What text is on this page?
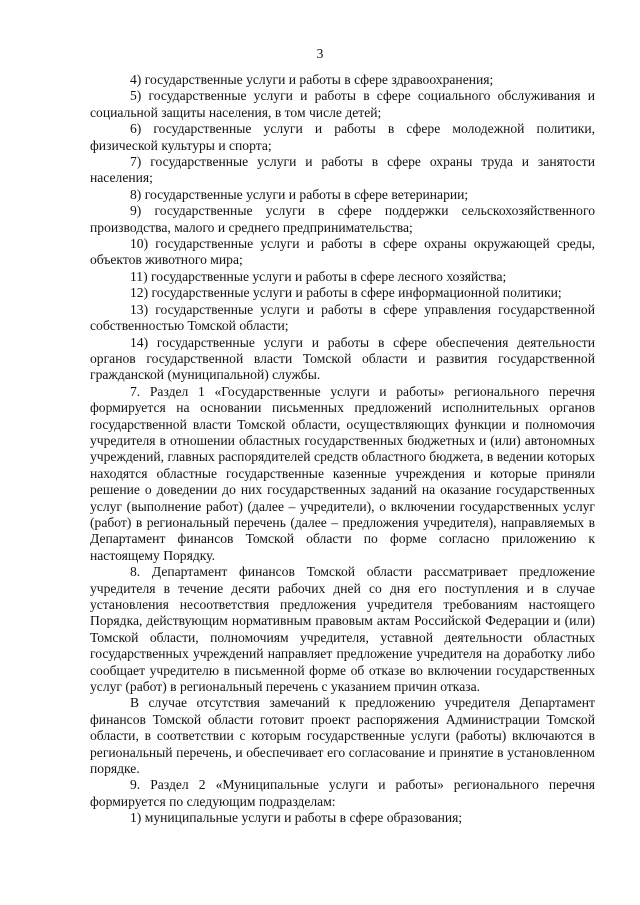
3

4) государственные услуги и работы в сфере здравоохранения;

5) государственные услуги и работы в сфере социального обслуживания и социальной защиты населения, в том числе детей;

6) государственные услуги и работы в сфере молодежной политики, физической культуры и спорта;

7) государственные услуги и работы в сфере охраны труда и занятости населения;

8) государственные услуги и работы в сфере ветеринарии;

9) государственные услуги в сфере поддержки сельскохозяйственного производства, малого и среднего предпринимательства;

10) государственные услуги и работы в сфере охраны окружающей среды, объектов животного мира;

11) государственные услуги и работы в сфере лесного хозяйства;

12) государственные услуги и работы в сфере информационной политики;

13) государственные услуги и работы в сфере управления государственной собственностью Томской области;

14) государственные услуги и работы в сфере обеспечения деятельности органов государственной власти Томской области и развития государственной гражданской (муниципальной) службы.

7. Раздел 1 «Государственные услуги и работы» регионального перечня формируется на основании письменных предложений исполнительных органов государственной власти Томской области, осуществляющих функции и полномочия учредителя в отношении областных государственных бюджетных и (или) автономных учреждений, главных распорядителей средств областного бюджета, в ведении которых находятся областные государственные казенные учреждения и которые приняли решение о доведении до них государственных заданий на оказание государственных услуг (выполнение работ) (далее – учредители), о включении государственных услуг (работ) в региональный перечень (далее – предложения учредителя), направляемых в Департамент финансов Томской области по форме согласно приложению к настоящему Порядку.

8. Департамент финансов Томской области рассматривает предложение учредителя в течение десяти рабочих дней со дня его поступления и в случае установления несоответствия предложения учредителя требованиям настоящего Порядка, действующим нормативным правовым актам Российской Федерации и (или) Томской области, полномочиям учредителя, уставной деятельности областных государственных учреждений направляет предложение учредителя на доработку либо сообщает учредителю в письменной форме об отказе во включении государственных услуг (работ) в региональный перечень с указанием причин отказа.

В случае отсутствия замечаний к предложению учредителя Департамент финансов Томской области готовит проект распоряжения Администрации Томской области, в соответствии с которым государственные услуги (работы) включаются в региональный перечень, и обеспечивает его согласование и принятие в установленном порядке.

9. Раздел 2 «Муниципальные услуги и работы» регионального перечня формируется по следующим подразделам:

1) муниципальные услуги и работы в сфере образования;
